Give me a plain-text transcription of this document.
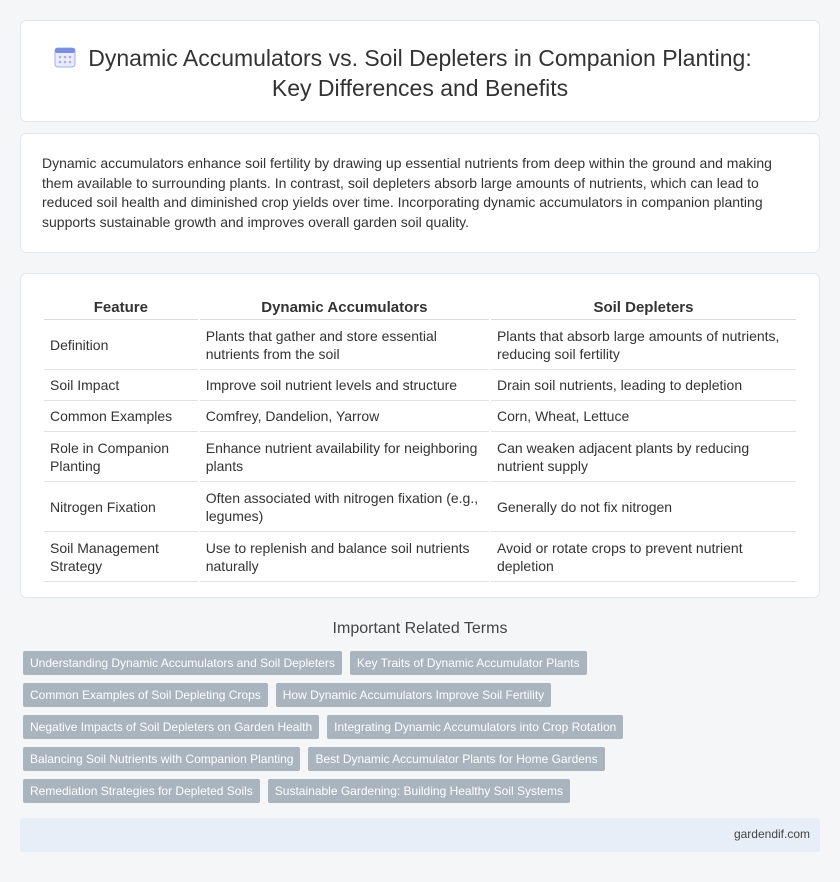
Dynamic Accumulators vs. Soil Depleters in Companion Planting:
Key Differences and Benefits

Dynamic accumulators enhance soil fertility by drawing up essential nutrients from deep within the ground and making them available to surrounding plants. In contrast, soil depleters absorb large amounts of nutrients, which can lead to reduced soil health and diminished crop yields over time. Incorporating dynamic accumulators in companion planting supports sustainable growth and improves overall garden soil quality.

Feature	Dynamic Accumulators	Soil Depleters
Definition	Plants that gather and store essential nutrients from the soil	Plants that absorb large amounts of nutrients, reducing soil fertility
Soil Impact	Improve soil nutrient levels and structure	Drain soil nutrients, leading to depletion
Common Examples	Comfrey, Dandelion, Yarrow	Corn, Wheat, Lettuce
Role in Companion Planting	Enhance nutrient availability for neighboring plants	Can weaken adjacent plants by reducing nutrient supply
Nitrogen Fixation	Often associated with nitrogen fixation (e.g., legumes)	Generally do not fix nitrogen
Soil Management Strategy	Use to replenish and balance soil nutrients naturally	Avoid or rotate crops to prevent nutrient depletion
Important Related Terms
Understanding Dynamic Accumulators and Soil Depleters	Key Traits of Dynamic Accumulator Plants
Common Examples of Soil Depleting Crops	How Dynamic Accumulators Improve Soil Fertility
Negative Impacts of Soil Depleters on Garden Health	Integrating Dynamic Accumulators into Crop Rotation
Balancing Soil Nutrients with Companion Planting	Best Dynamic Accumulator Plants for Home Gardens
Remediation Strategies for Depleted Soils	Sustainable Gardening: Building Healthy Soil Systems
gardendif.com
